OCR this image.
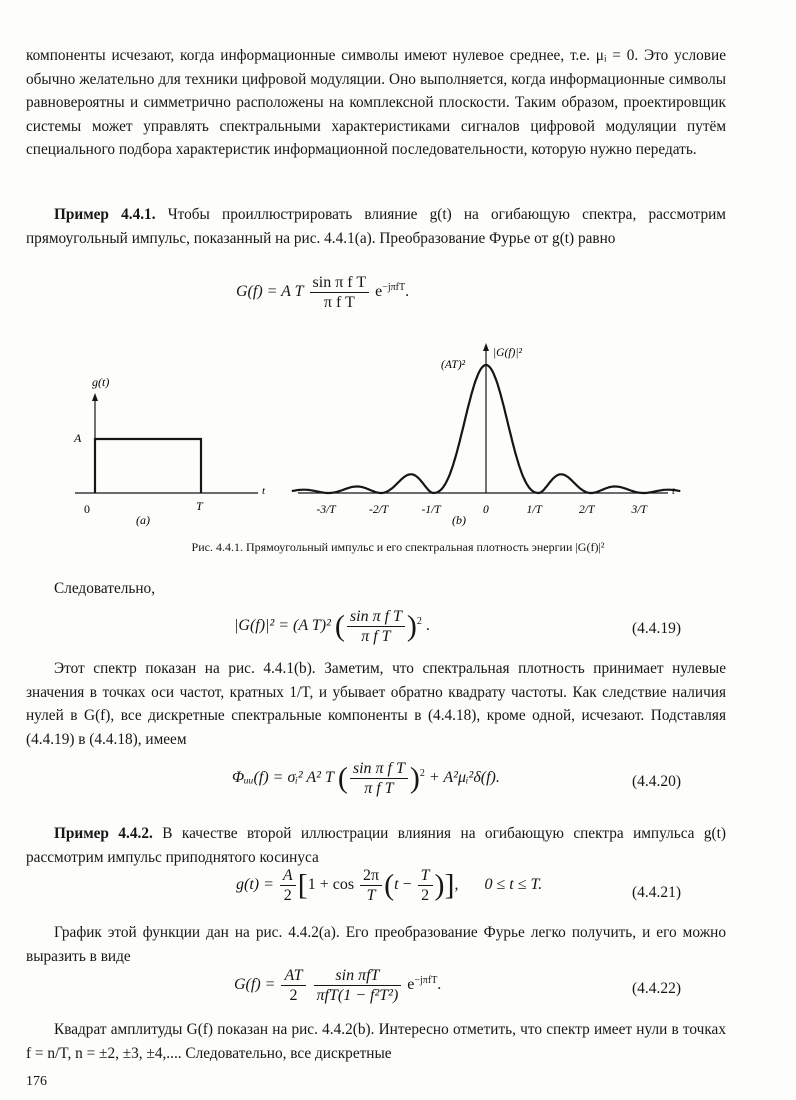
компоненты исчезают, когда информационные символы имеют нулевое среднее, т.е. μᵢ = 0. Это условие обычно желательно для техники цифровой модуляции. Оно выполняется, когда информационные символы равновероятны и симметрично расположены на комплексной плоскости. Таким образом, проектировщик системы может управлять спектральными характеристиками сигналов цифровой модуляции путём специального подбора характеристик информационной последовательности, которую нужно передать.

Пример 4.4.1. Чтобы проиллюстрировать влияние g(t) на огибающую спектра, рассмотрим прямоугольный импульс, показанный на рис. 4.4.1(a). Преобразование Фурье от g(t) равно

G(f) = A T $\frac{\text{sin π f T}}{\text{π f T}} e^{-j\pi fT}$.
g(t)
A
0	T
t
(a)
(AT)²
|G(f)|²
t
-3/T	-2/T	-1/T	0	1/T	2/T	3/T
(b)
Рис. 4.4.1. Прямоугольный импульс и его спектральная плотность энергии |G(f)|²

Следовательно,

|G(f)|² = (A T)² ( $\frac{\text{sin π f T}}{\text{π f T}} )^2$ .	(4.4.19)

Этот спектр показан на рис. 4.4.1(b). Заметим, что спектральная плотность принимает нулевые значения в точках оси частот, кратных 1/T, и убывает обратно квадрату частоты. Как следствие наличия нулей в G(f), все дискретные спектральные компоненты в (4.4.18), кроме одной, исчезают. Подставляя (4.4.19) в (4.4.18), имеем

Φᵤᵤ(f) = σᵢ² A² T ( $\frac{\text{sin π f T}}{\text{π f T}} )^2$ + A²μᵢ²δ(f).	(4.4.20)

Пример 4.4.2. В качестве второй иллюстрации влияния на огибающую спектра импульса g(t) рассмотрим импульс приподнятого косинуса

$g(t) = \frac{A}{2} [1 + \cos \frac{2\pi}{T} (t - \frac{T}{2}$ )], 0 ≤ t ≤ T.	(4.4.21)

График этой функции дан на рис. 4.4.2(a). Его преобразование Фурье легко получить, и его можно выразить в виде

$G(f) = \frac{AT}{2}$
$\frac{\text{sin πfT}}{\text{πfT(1 − f²T²)}} e^{-j\pi fT}$.	(4.4.22)

Квадрат амплитуды G(f) показан на рис. 4.4.2(b). Интересно отметить, что спектр имеет нули в точках f = n/T, n = ±2, ±3, ±4,.... Следовательно, все дискретные

176
